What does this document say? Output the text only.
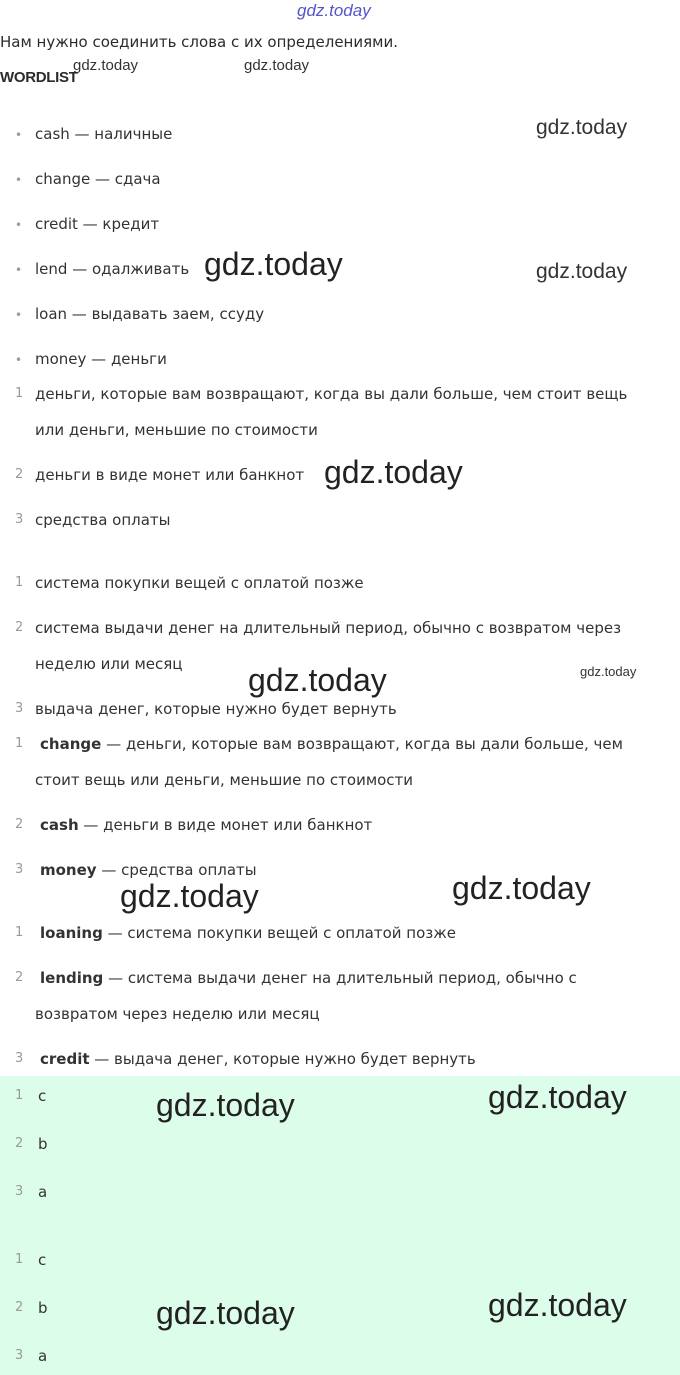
gdz.today
gdz.today	gdz.today
gdz.today
gdz.today	gdz.today
gdz.today
gdz.today	gdz.today
gdz.today
gdz.today
gdz.today
gdz.today
gdz.today
gdz.today
Нам нужно соединить слова с их определениями.
WORDLIST
• cash — наличные
• change — сдача
• credit — кредит
• lend — одалживать
• loan — выдавать заем, ссуду
• money — деньги
1 деньги, которые вам возвращают, когда вы дали больше, чем стоит вещь
или деньги, меньшие по стоимости
2 деньги в виде монет или банкнот
3 средства оплаты
1 система покупки вещей с оплатой позже
2 система выдачи денег на длительный период, обычно с возвратом через
неделю или месяц
3 выдача денег, которые нужно будет вернуть
1 change — деньги, которые вам возвращают, когда вы дали больше, чем
стоит вещь или деньги, меньшие по стоимости
2 cash — деньги в виде монет или банкнот
3 money — средства оплаты
1 loaning — система покупки вещей с оплатой позже
2 lending — система выдачи денег на длительный период, обычно с
возвратом через неделю или месяц
3 credit — выдача денег, которые нужно будет вернуть
1 c
2 b
3 a
1 c
2 b
3 a
